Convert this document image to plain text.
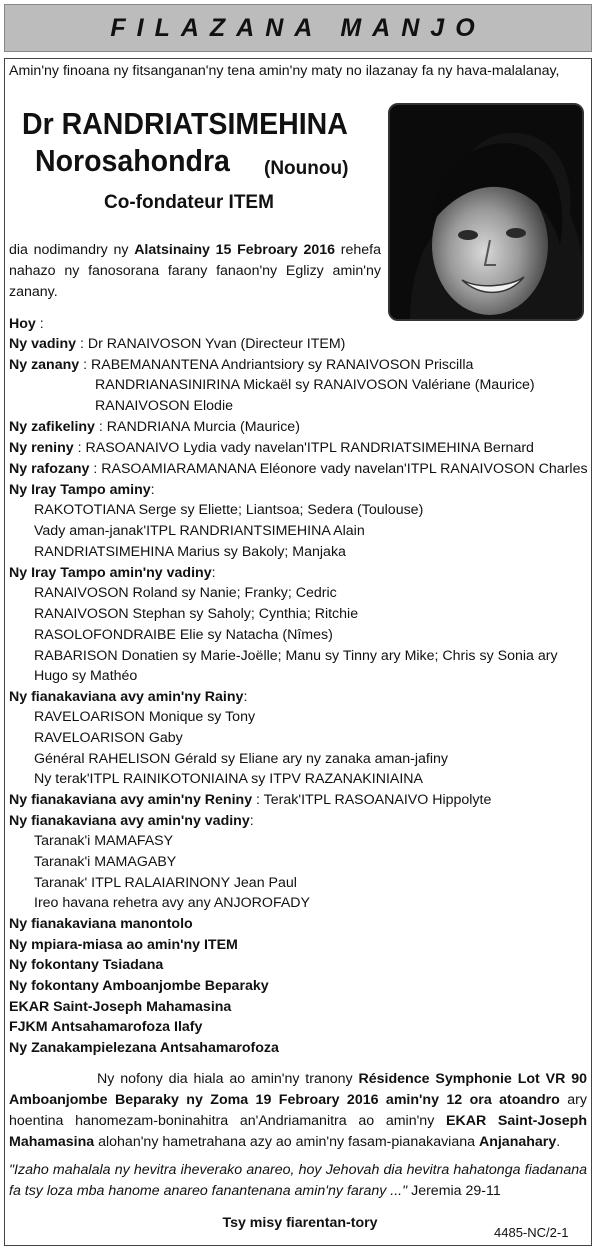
FILAZANA MANJO
Amin'ny finoana ny fitsanganan'ny tena amin'ny maty no ilazanay fa ny hava-malalanay,
Dr RANDRIATSIMEHINA
Norosahondra (Nounou)
Co-fondateur ITEM
dia nodimandry ny Alatsinainy 15 Febroary 2016 rehefa nahazo ny fanosorana farany fanaon'ny Eglizy amin'ny zanany.
Hoy :
Ny vadiny : Dr RANAIVOSON Yvan (Directeur ITEM)
Ny zanany : RABEMANANTENA Andriantsiory sy RANAIVOSON Priscilla
RANDRIANASINIRINA Mickaël sy RANAIVOSON Valériane (Maurice)
RANAIVOSON Elodie
Ny zafikeliny : RANDRIANA Murcia (Maurice)
Ny reniny : RASOANAIVO Lydia vady navelan'ITPL RANDRIATSIMEHINA Bernard
Ny rafozany : RASOAMIARAMANANA Eléonore vady navelan'ITPL RANAIVOSON Charles
Ny Iray Tampo aminy:
RAKOTOTIANA Serge sy Eliette; Liantsoa; Sedera (Toulouse)
Vady aman-janak'ITPL RANDRIANTSIMEHINA Alain
RANDRIATSIMEHINA Marius sy Bakoly; Manjaka
Ny Iray Tampo amin'ny vadiny:
RANAIVOSON Roland sy Nanie; Franky; Cedric
RANAIVOSON Stephan sy Saholy; Cynthia; Ritchie
RASOLOFONDRAIBE Elie sy Natacha (Nîmes)
RABARISON Donatien sy Marie-Joëlle; Manu sy Tinny ary Mike; Chris sy Sonia ary
Hugo sy Mathéo
Ny fianakaviana avy amin'ny Rainy:
RAVELOARISON Monique sy Tony
RAVELOARISON Gaby
Général RAHELISON Gérald sy Eliane ary ny zanaka aman-jafiny
Ny terak'ITPL RAINIKOTONIAINA sy ITPV RAZANAKINIAINA
Ny fianakaviana avy amin'ny Reniny : Terak'ITPL RASOANAIVO Hippolyte
Ny fianakaviana avy amin'ny vadiny:
Taranak'i MAMAFASY
Taranak'i MAMAGABY
Taranak' ITPL RALAIARINONY Jean Paul
Ireo havana rehetra avy any ANJOROFADY
Ny fianakaviana manontolo
Ny mpiara-miasa ao amin'ny ITEM
Ny fokontany Tsiadana
Ny fokontany Amboanjombe Beparaky
EKAR Saint-Joseph Mahamasina
FJKM Antsahamarofoza Ilafy
Ny Zanakampielezana Antsahamarofoza
Ny nofony dia hiala ao amin'ny tranony Résidence Symphonie Lot VR 90 Amboanjombe Beparaky ny Zoma 19 Febroary 2016 amin'ny 12 ora atoandro ary hoentina hanomezam-boninahitra an'Andriamanitra ao amin'ny EKAR Saint-Joseph Mahamasina alohan'ny hametrahana azy ao amin'ny fasam-pianakaviana Anjanahary.
"Izaho mahalala ny hevitra iheverako anareo, hoy Jehovah dia hevitra hahatonga fiadanana fa tsy loza mba hanome anareo fanantenana amin'ny farany ..." Jeremia 29-11
Tsy misy fiarentan-tory
4485-NC/2-1
